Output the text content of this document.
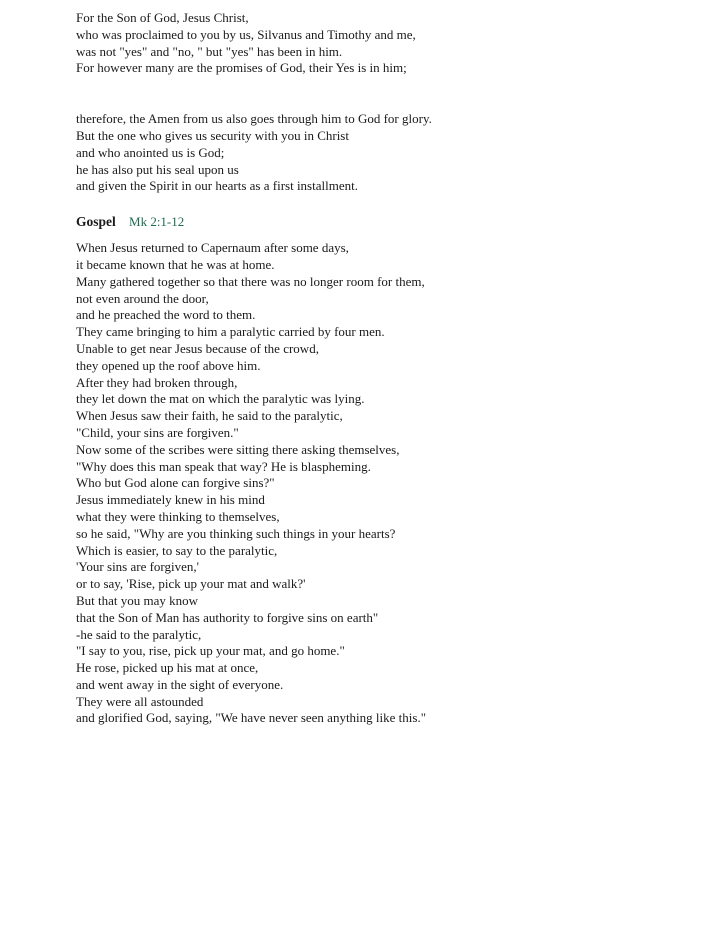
For the Son of God, Jesus Christ,
who was proclaimed to you by us, Silvanus and Timothy and me,
was not "yes" and "no, " but "yes" has been in him.
For however many are the promises of God, their Yes is in him;
therefore, the Amen from us also goes through him to God for glory.
But the one who gives us security with you in Christ
and who anointed us is God;
he has also put his seal upon us
and given the Spirit in our hearts as a first installment.
Gospel Mk 2:1-12
When Jesus returned to Capernaum after some days,
it became known that he was at home.
Many gathered together so that there was no longer room for them,
not even around the door,
and he preached the word to them.
They came bringing to him a paralytic carried by four men.
Unable to get near Jesus because of the crowd,
they opened up the roof above him.
After they had broken through,
they let down the mat on which the paralytic was lying.
When Jesus saw their faith, he said to the paralytic,
"Child, your sins are forgiven."
Now some of the scribes were sitting there asking themselves,
"Why does this man speak that way? He is blaspheming.
Who but God alone can forgive sins?"
Jesus immediately knew in his mind
what they were thinking to themselves,
so he said, "Why are you thinking such things in your hearts?
Which is easier, to say to the paralytic,
'Your sins are forgiven,'
or to say, 'Rise, pick up your mat and walk?'
But that you may know
that the Son of Man has authority to forgive sins on earth"
-he said to the paralytic,
"I say to you, rise, pick up your mat, and go home."
He rose, picked up his mat at once,
and went away in the sight of everyone.
They were all astounded
and glorified God, saying, "We have never seen anything like this."
